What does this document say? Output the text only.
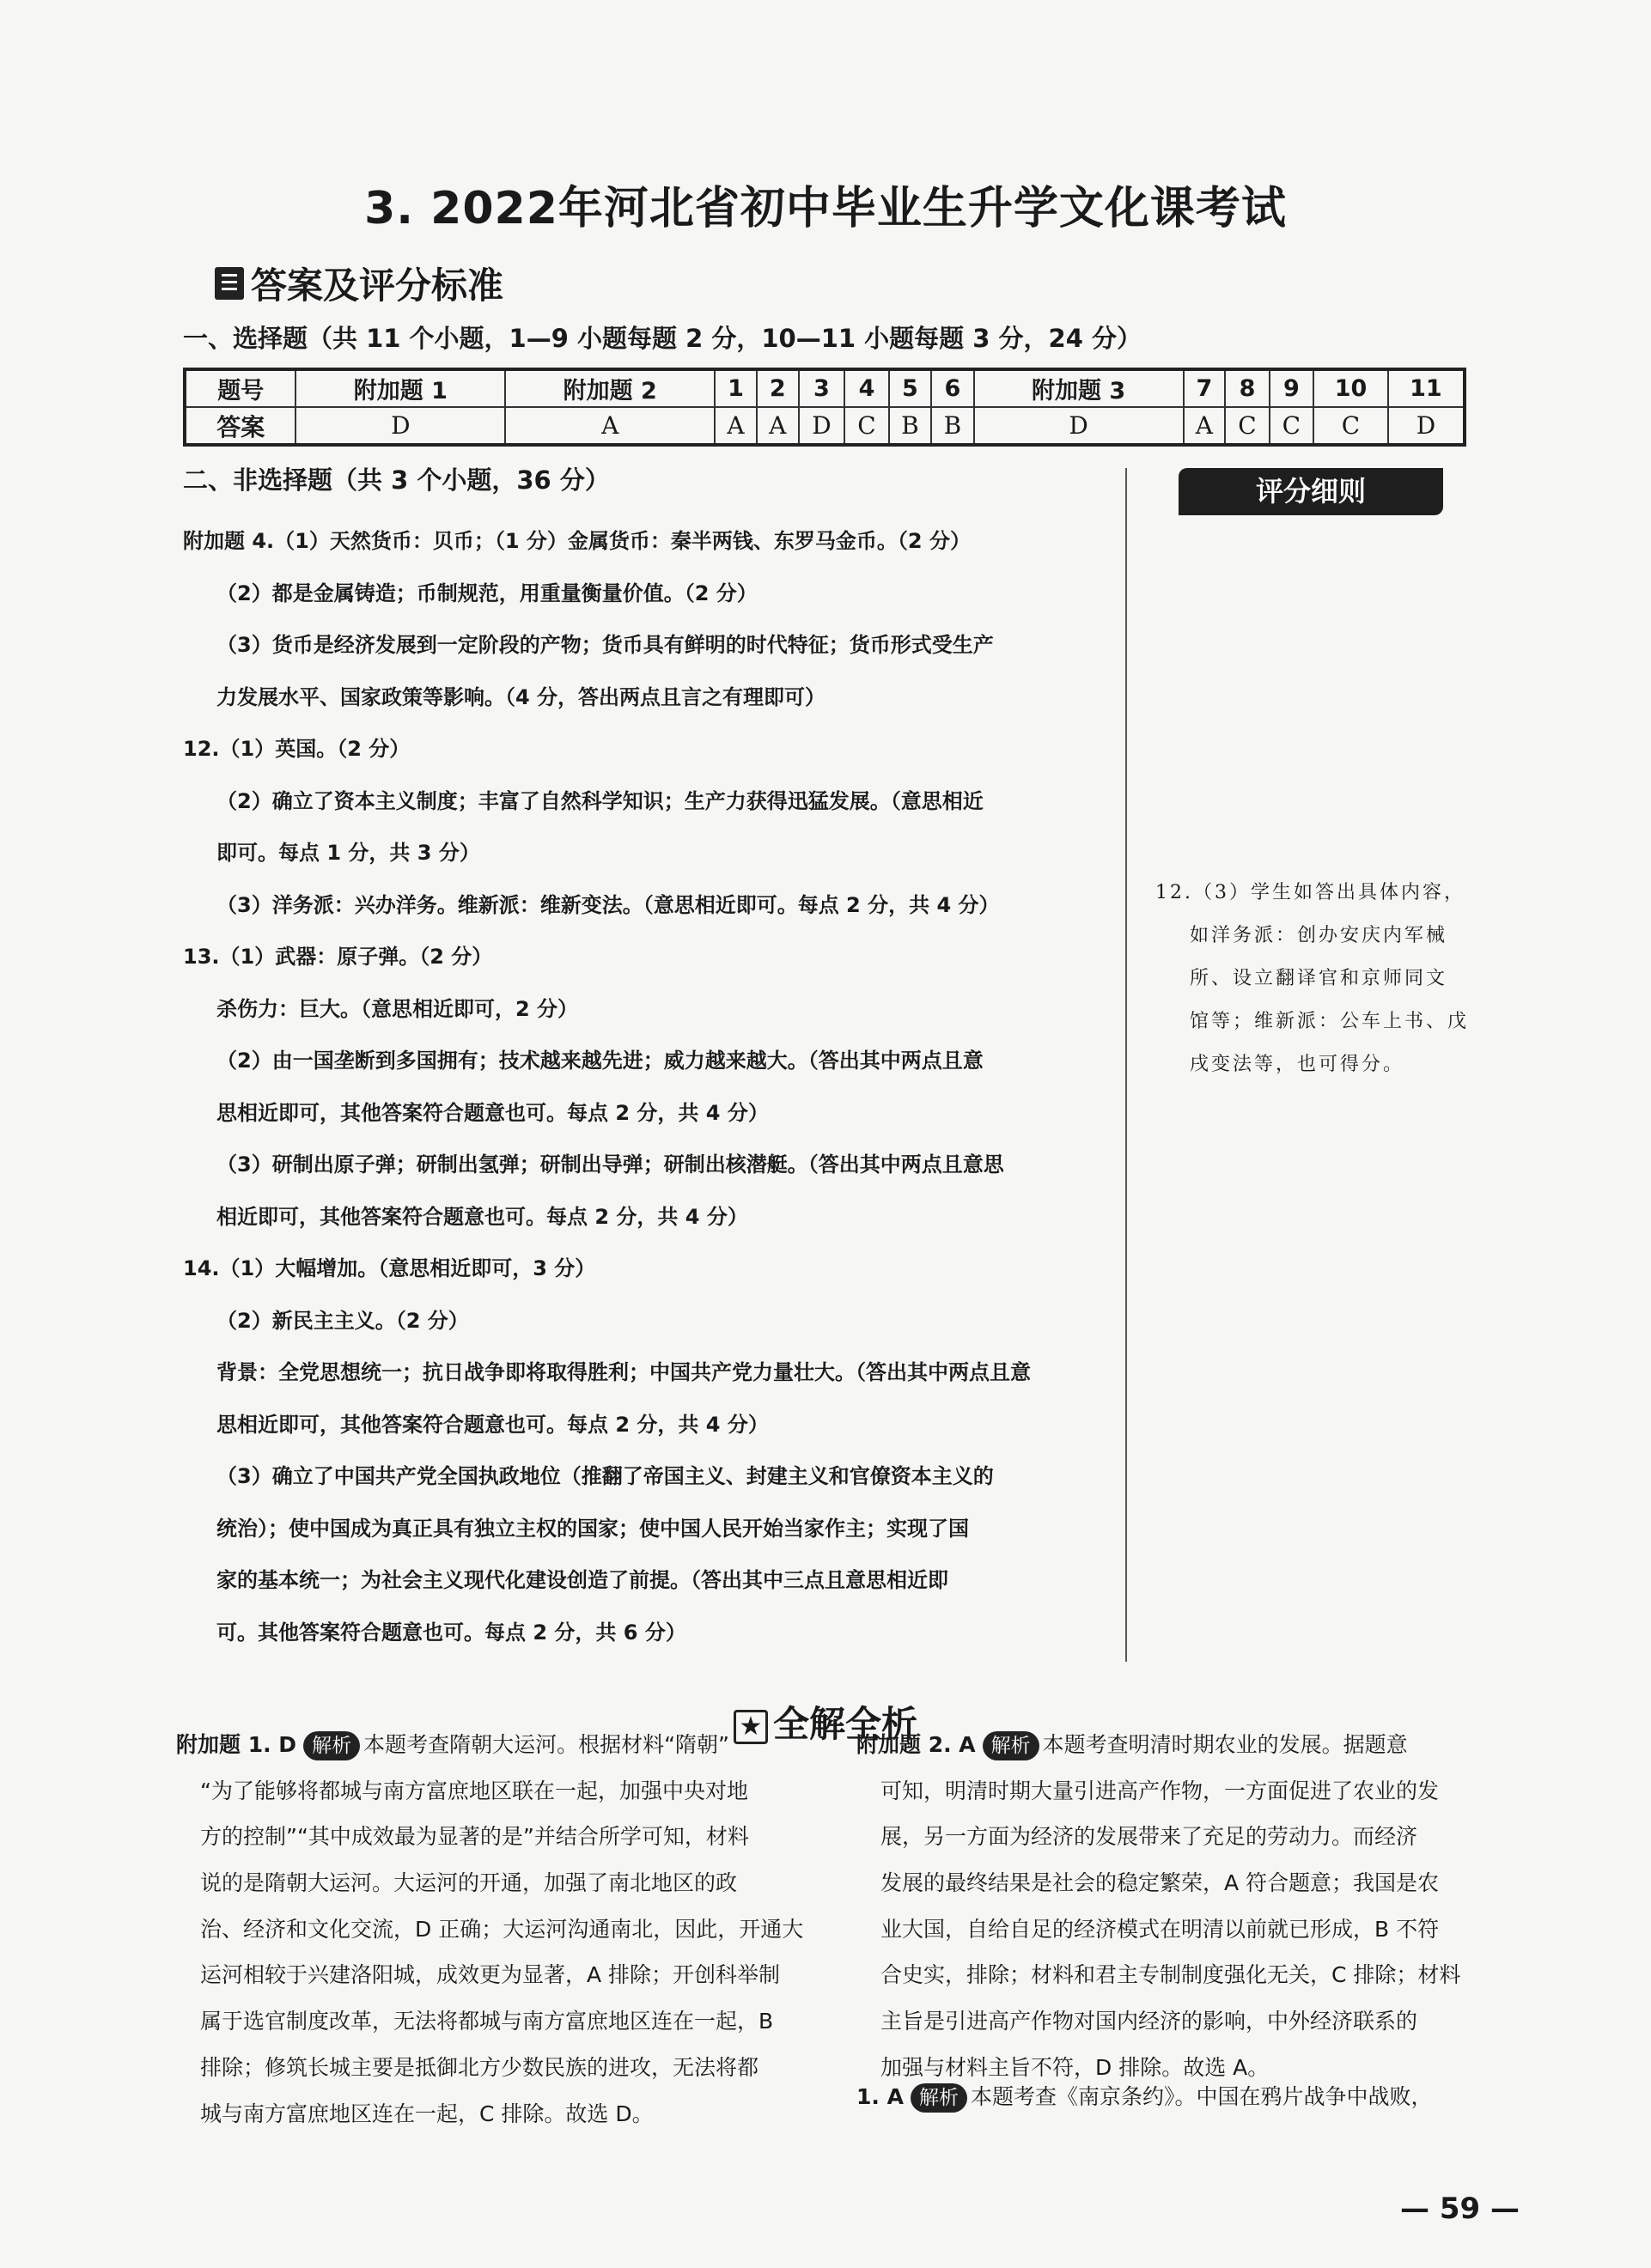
3. 2022年河北省初中毕业生升学文化课考试
答案及评分标准
一、选择题（共 11 个小题，1—9 小题每题 2 分，10—11 小题每题 3 分，24 分）
题号	附加题 1	附加题 2	1	2	3	4	5	6	附加题 3	7	8	9	10	11
答案	D	A	A	A	D	C	B	B	D	A	C	C	C	D
二、非选择题（共 3 个小题，36 分）
附加题 4.（1）天然货币：贝币；（1 分）金属货币：秦半两钱、东罗马金币。（2 分）
（2）都是金属铸造；币制规范，用重量衡量价值。（2 分）
（3）货币是经济发展到一定阶段的产物；货币具有鲜明的时代特征；货币形式受生产
力发展水平、国家政策等影响。（4 分，答出两点且言之有理即可）
12.（1）英国。（2 分）
（2）确立了资本主义制度；丰富了自然科学知识；生产力获得迅猛发展。（意思相近
即可。每点 1 分，共 3 分）
（3）洋务派：兴办洋务。维新派：维新变法。（意思相近即可。每点 2 分，共 4 分）
13.（1）武器：原子弹。（2 分）
杀伤力：巨大。（意思相近即可，2 分）
（2）由一国垄断到多国拥有；技术越来越先进；威力越来越大。（答出其中两点且意
思相近即可，其他答案符合题意也可。每点 2 分，共 4 分）
（3）研制出原子弹；研制出氢弹；研制出导弹；研制出核潜艇。（答出其中两点且意思
相近即可，其他答案符合题意也可。每点 2 分，共 4 分）
14.（1）大幅增加。（意思相近即可，3 分）
（2）新民主主义。（2 分）
背景：全党思想统一；抗日战争即将取得胜利；中国共产党力量壮大。（答出其中两点且意
思相近即可，其他答案符合题意也可。每点 2 分，共 4 分）
（3）确立了中国共产党全国执政地位（推翻了帝国主义、封建主义和官僚资本主义的
统治）；使中国成为真正具有独立主权的国家；使中国人民开始当家作主；实现了国
家的基本统一；为社会主义现代化建设创造了前提。（答出其中三点且意思相近即
可。其他答案符合题意也可。每点 2 分，共 6 分）
评分细则
12.（3）学生如答出具体内容，
如洋务派：创办安庆内军械
所、设立翻译官和京师同文
馆等；维新派：公车上书、戊
戌变法等，也可得分。
★ 全解全析
附加题 1. D 解析 本题考查隋朝大运河。根据材料“隋朝”
“为了能够将都城与南方富庶地区联在一起，加强中央对地
方的控制”“其中成效最为显著的是”并结合所学可知，材料
说的是隋朝大运河。大运河的开通，加强了南北地区的政
治、经济和文化交流，D 正确；大运河沟通南北，因此，开通大
运河相较于兴建洛阳城，成效更为显著，A 排除；开创科举制
属于选官制度改革，无法将都城与南方富庶地区连在一起，B
排除；修筑长城主要是抵御北方少数民族的进攻，无法将都
城与南方富庶地区连在一起，C 排除。故选 D。
附加题 2. A 解析 本题考查明清时期农业的发展。据题意
可知，明清时期大量引进高产作物，一方面促进了农业的发
展，另一方面为经济的发展带来了充足的劳动力。而经济
发展的最终结果是社会的稳定繁荣，A 符合题意；我国是农
业大国，自给自足的经济模式在明清以前就已形成，B 不符
合史实，排除；材料和君主专制制度强化无关，C 排除；材料
主旨是引进高产作物对国内经济的影响，中外经济联系的
加强与材料主旨不符，D 排除。故选 A。
1. A 解析 本题考查《南京条约》。中国在鸦片战争中战败，
— 59 —
